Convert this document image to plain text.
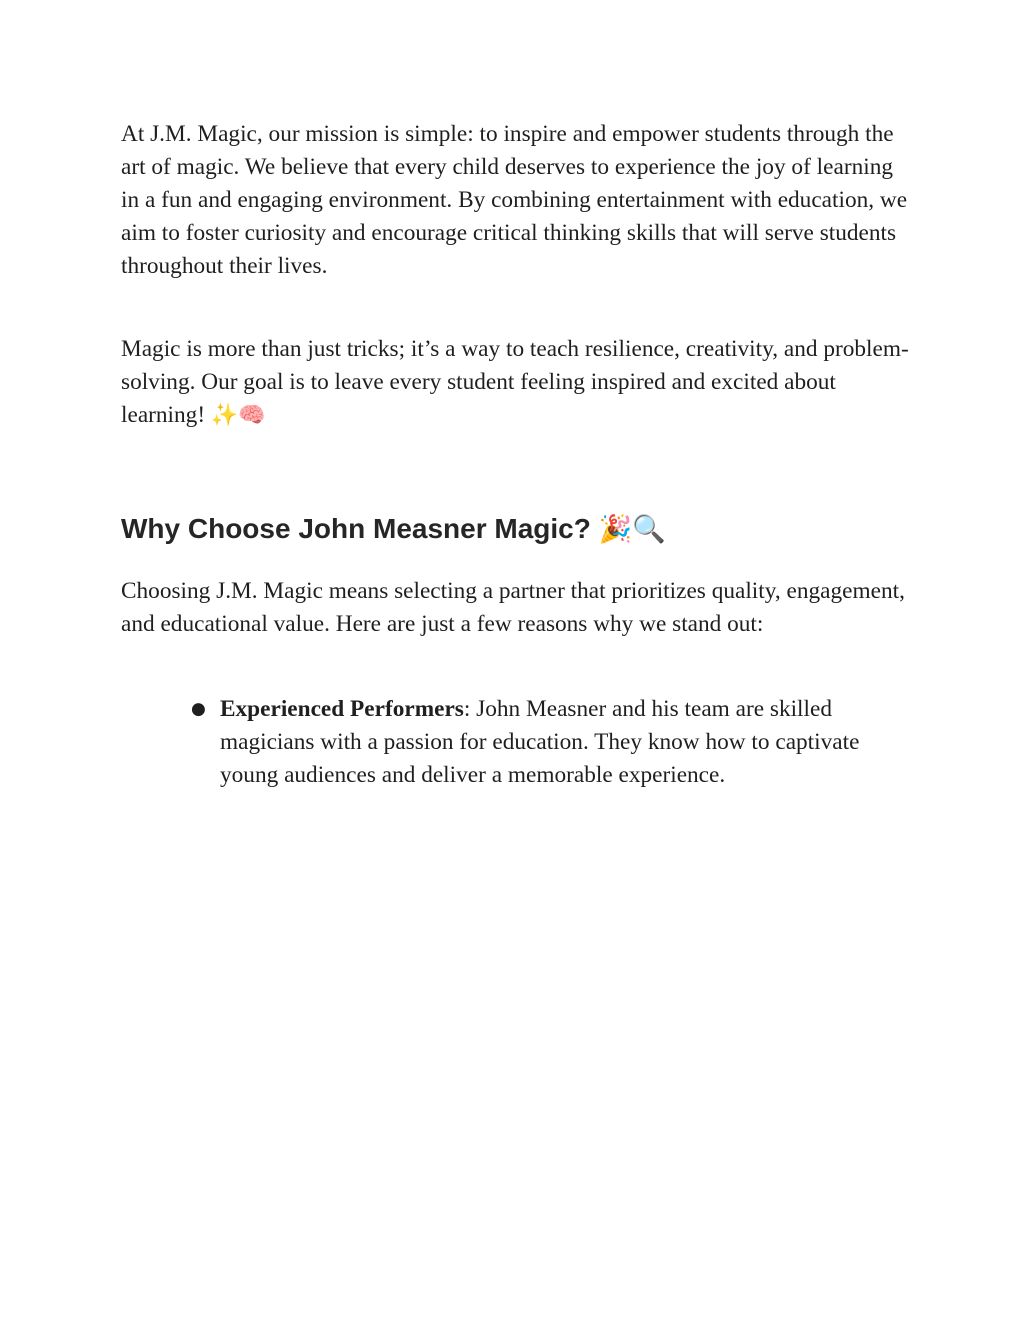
At J.M. Magic, our mission is simple: to inspire and empower students through the art of magic. We believe that every child deserves to experience the joy of learning in a fun and engaging environment. By combining entertainment with education, we aim to foster curiosity and encourage critical thinking skills that will serve students throughout their lives.

Magic is more than just tricks; it’s a way to teach resilience, creativity, and problem-solving. Our goal is to leave every student feeling inspired and excited about learning! ✨🧠

Why Choose John Measner Magic? 🎉🔍

Choosing J.M. Magic means selecting a partner that prioritizes quality, engagement, and educational value. Here are just a few reasons why we stand out:

● Experienced Performers: John Measner and his team are skilled magicians with a passion for education. They know how to captivate young audiences and deliver a memorable experience.
